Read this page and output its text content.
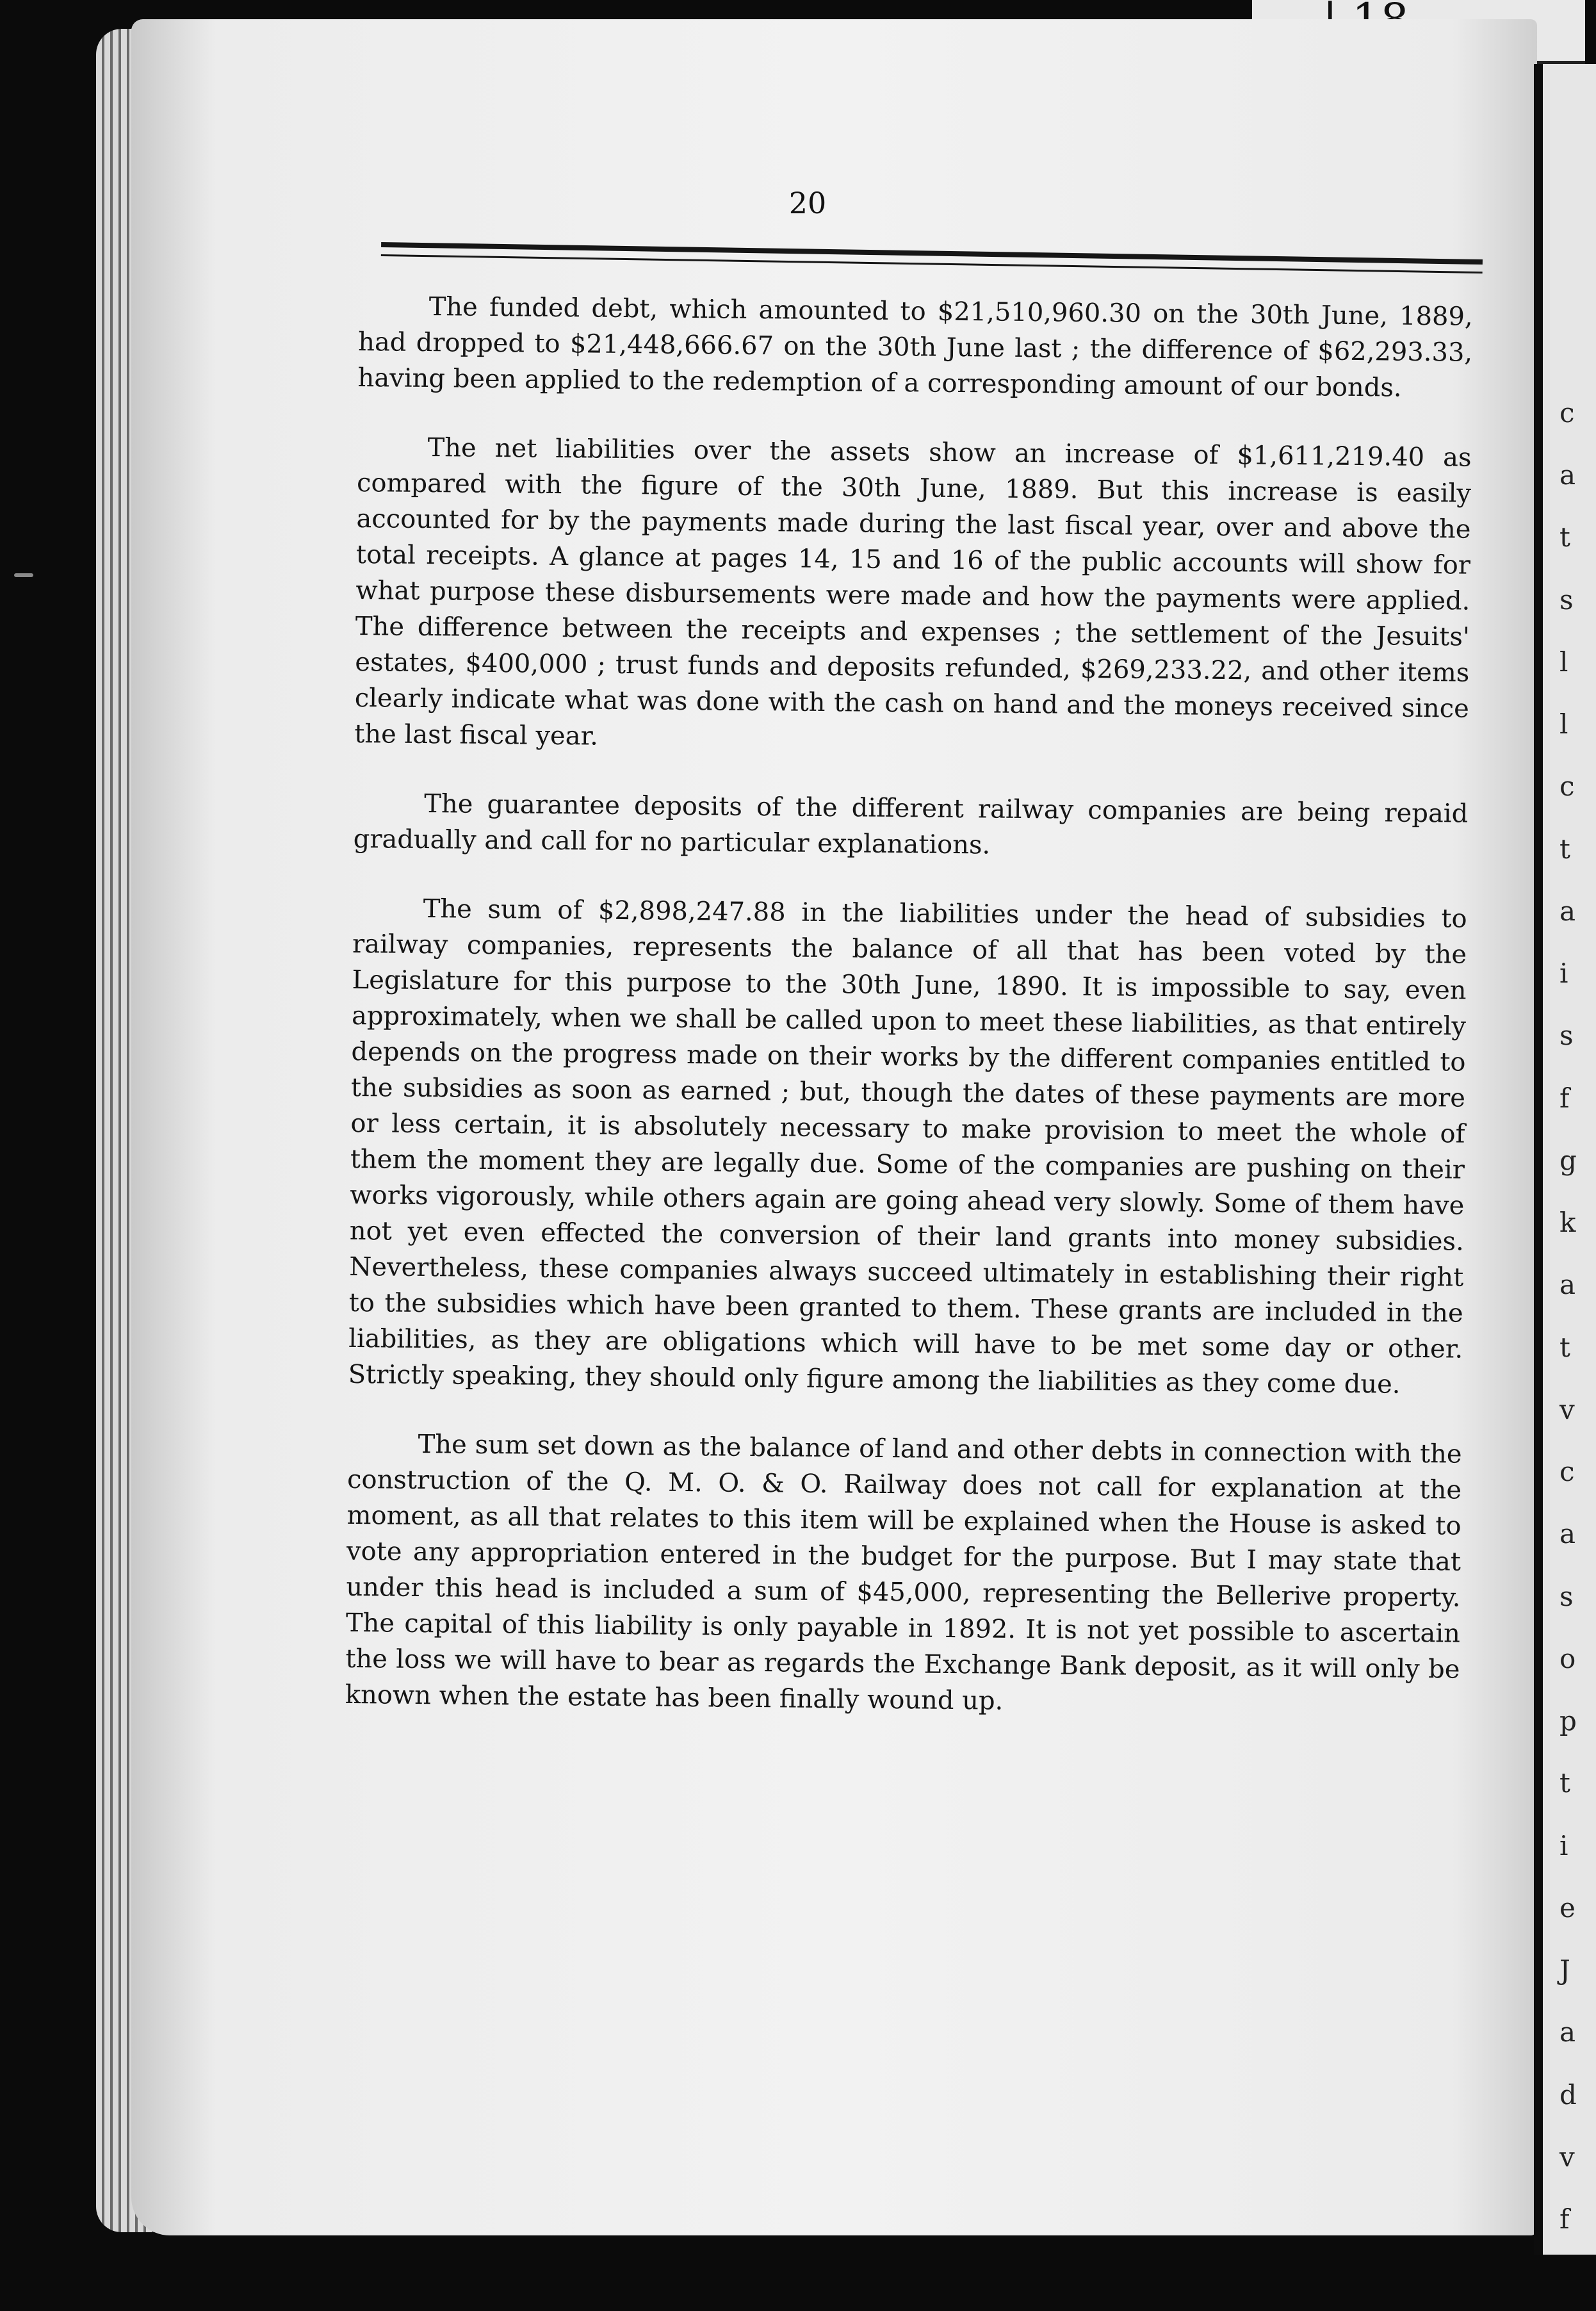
c
a
t
s
l
l
c
t
a
i
s
f
g
k
a
t
v
c
a
s
o
p
t
i
e
J
a
d
v
f
20

The funded debt, which amounted to $21,510,960.30 on the 30th June, 1889, had dropped to $21,448,666.67 on the 30th June last ; the difference of $62,293.33, having been applied to the redemption of a corresponding amount of our bonds.

The net liabilities over the assets show an increase of $1,611,219.40 as compared with the figure of the 30th June, 1889. But this increase is easily accounted for by the payments made during the last fiscal year, over and above the total receipts. A glance at pages 14, 15 and 16 of the public accounts will show for what purpose these disbursements were made and how the payments were applied. The difference between the receipts and expenses ; the settlement of the Jesuits' estates, $400,000 ; trust funds and deposits refunded, $269,233.22, and other items clearly indicate what was done with the cash on hand and the moneys received since the last fiscal year.

The guarantee deposits of the different railway companies are being repaid gradually and call for no particular explanations.

The sum of $2,898,247.88 in the liabilities under the head of subsidies to railway companies, represents the balance of all that has been voted by the Legislature for this purpose to the 30th June, 1890. It is impossible to say, even approximately, when we shall be called upon to meet these liabilities, as that entirely depends on the progress made on their works by the different companies entitled to the subsidies as soon as earned ; but, though the dates of these payments are more or less certain, it is absolutely necessary to make provision to meet the whole of them the moment they are legally due. Some of the companies are pushing on their works vigorously, while others again are going ahead very slowly. Some of them have not yet even effected the conversion of their land grants into money subsidies. Nevertheless, these companies always succeed ultimately in establishing their right to the subsidies which have been granted to them. These grants are included in the liabilities, as they are obligations which will have to be met some day or other. Strictly speaking, they should only figure among the liabilities as they come due.

The sum set down as the balance of land and other debts in connection with the construction of the Q. M. O. & O. Railway does not call for explanation at the moment, as all that relates to this item will be explained when the House is asked to vote any appropriation entered in the budget for the purpose. But I may state that under this head is included a sum of $45,000, representing the Bellerive property. The capital of this liability is only payable in 1892. It is not yet possible to ascertain the loss we will have to bear as regards the Exchange Bank deposit, as it will only be known when the estate has been finally wound up.
